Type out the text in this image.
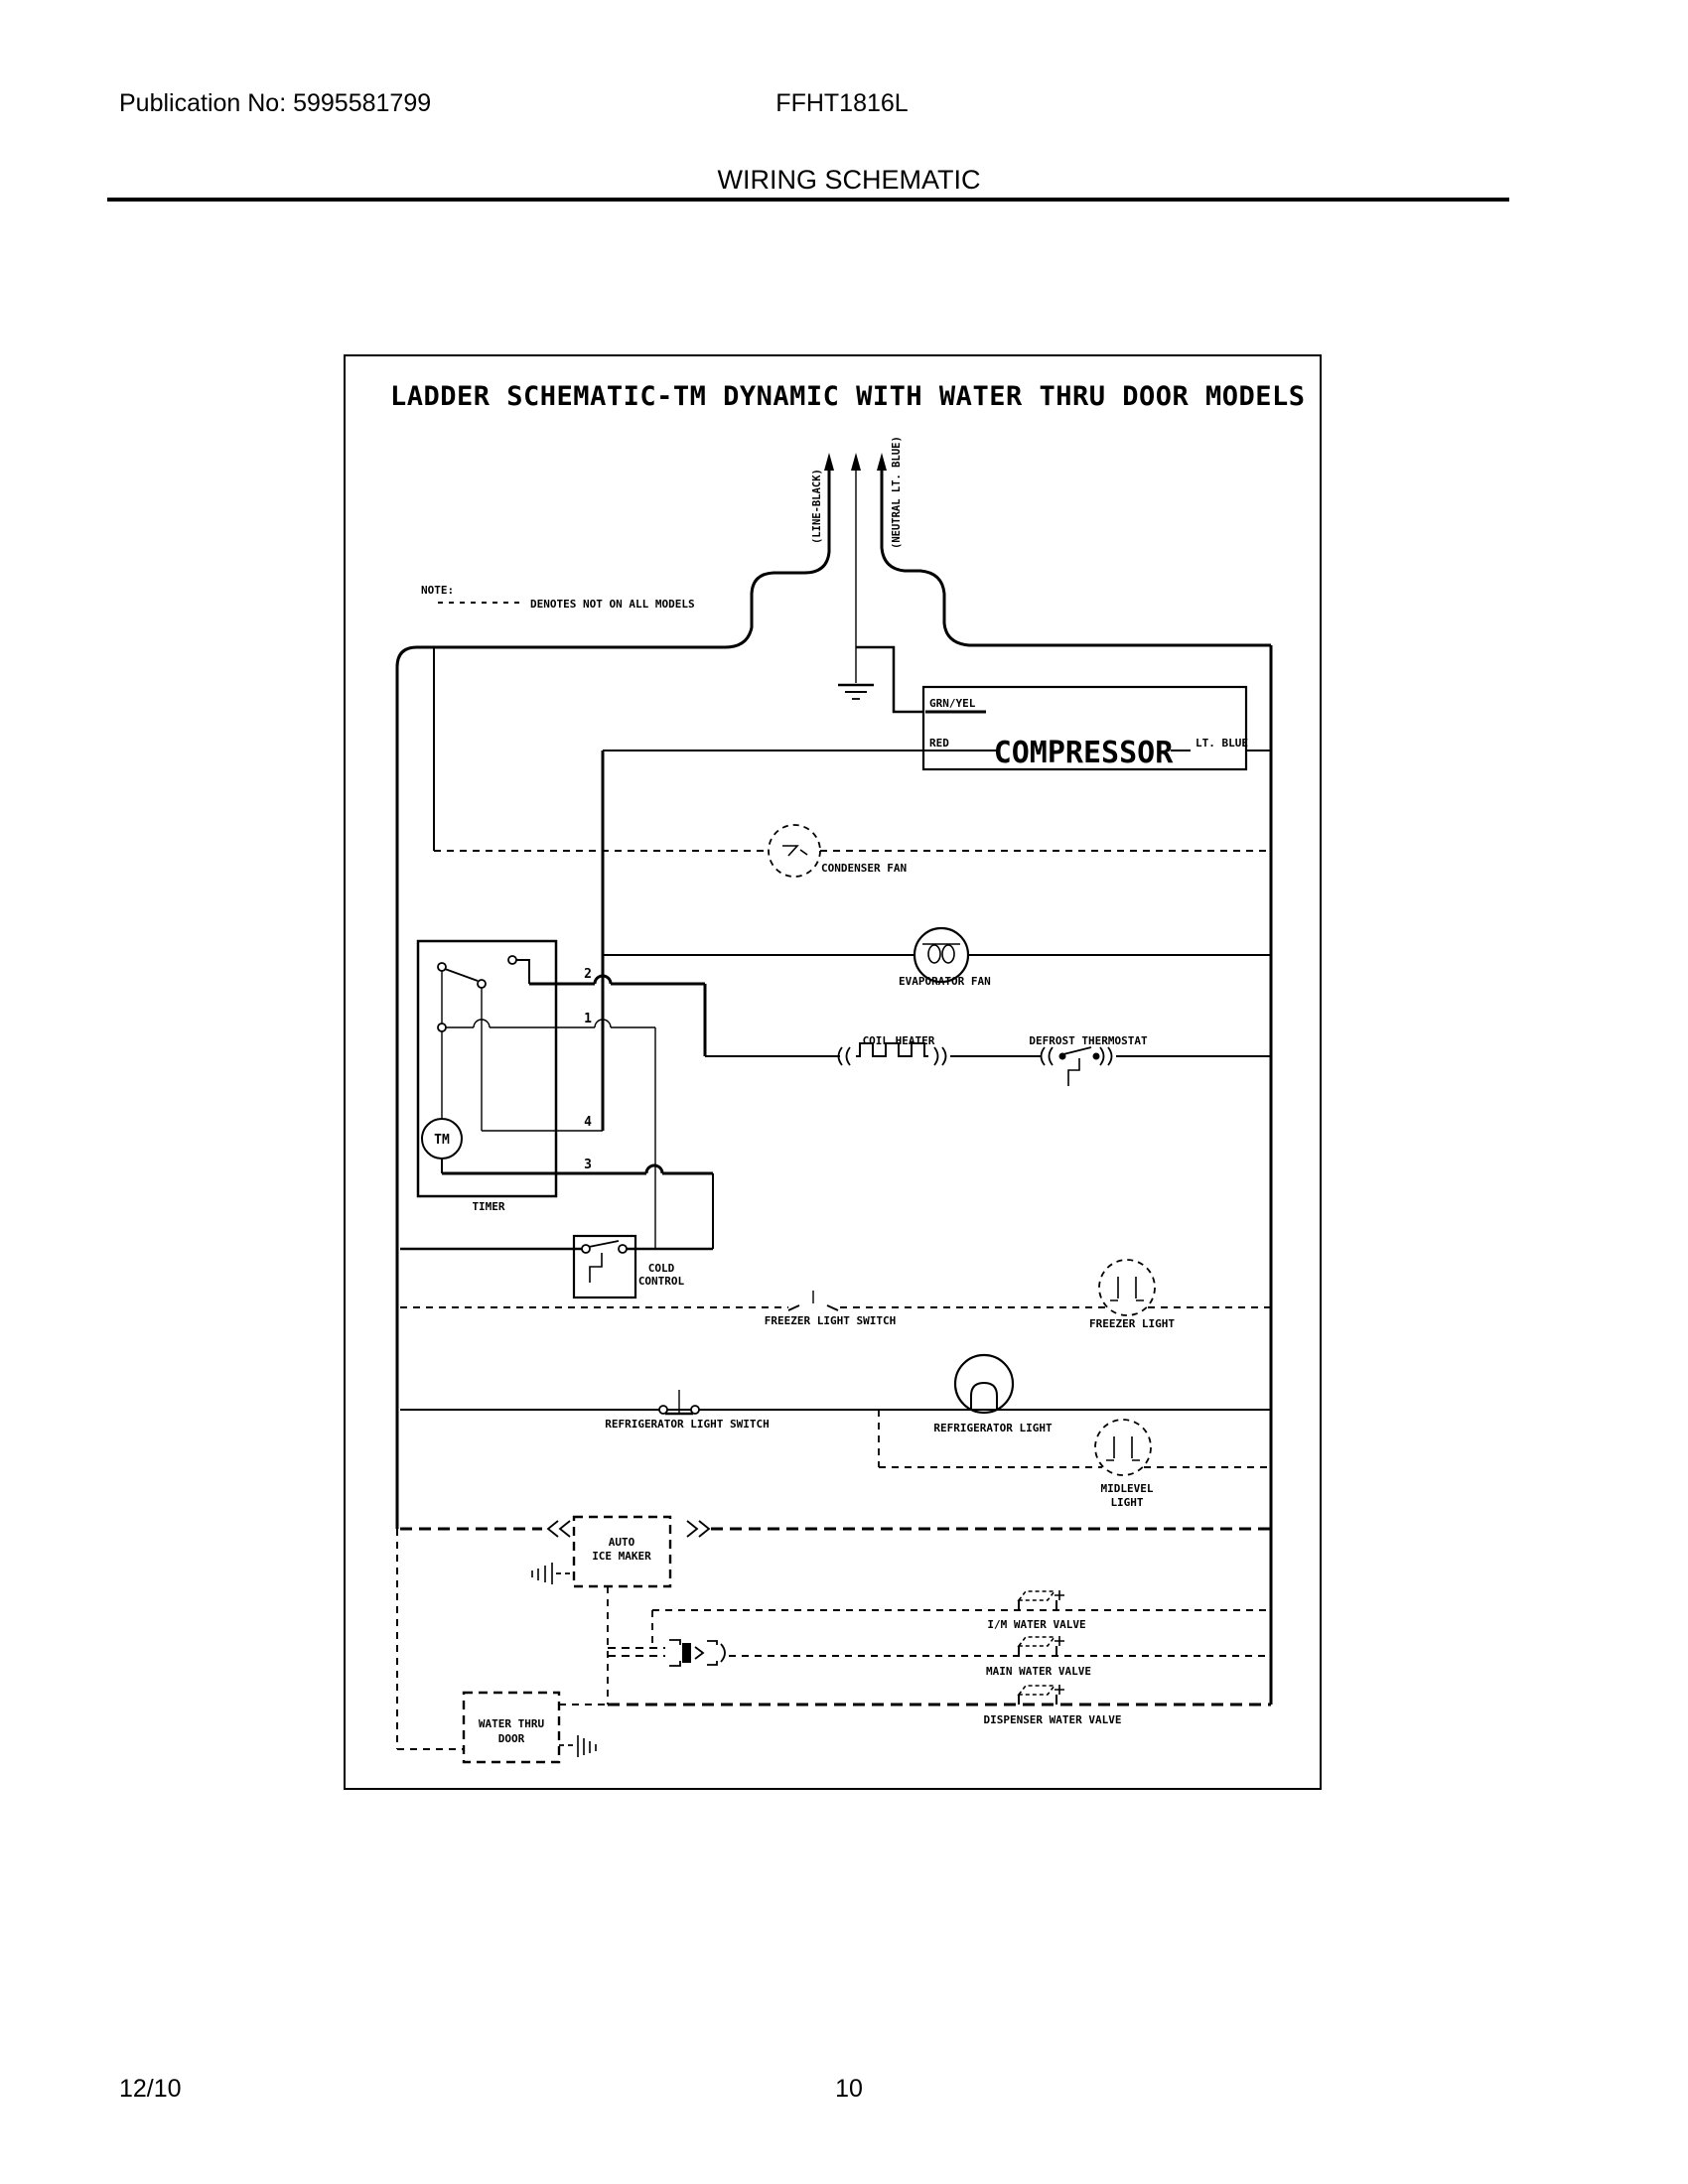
Publication No: 5995581799	FFHT1816L
WIRING SCHEMATIC
LADDER SCHEMATIC-TM DYNAMIC WITH WATER THRU DOOR MODELS
NOTE:
DENOTES NOT ON ALL MODELS
(LINE-BLACK)	(NEUTRAL LT. BLUE)
GRN/YEL
RED	LT. BLUE
COMPRESSOR
CONDENSER FAN
EVAPORATOR FAN
COIL HEATER	DEFROST THERMOSTAT
TM
2
1
4
3
TIMER
COLD
CONTROL
FREEZER LIGHT SWITCH	FREEZER LIGHT
REFRIGERATOR LIGHT SWITCH	REFRIGERATOR LIGHT
MIDLEVEL
LIGHT
AUTO
ICE MAKER
I/M WATER VALVE
MAIN WATER VALVE
DISPENSER WATER VALVE
WATER THRU
DOOR
12/10	10
